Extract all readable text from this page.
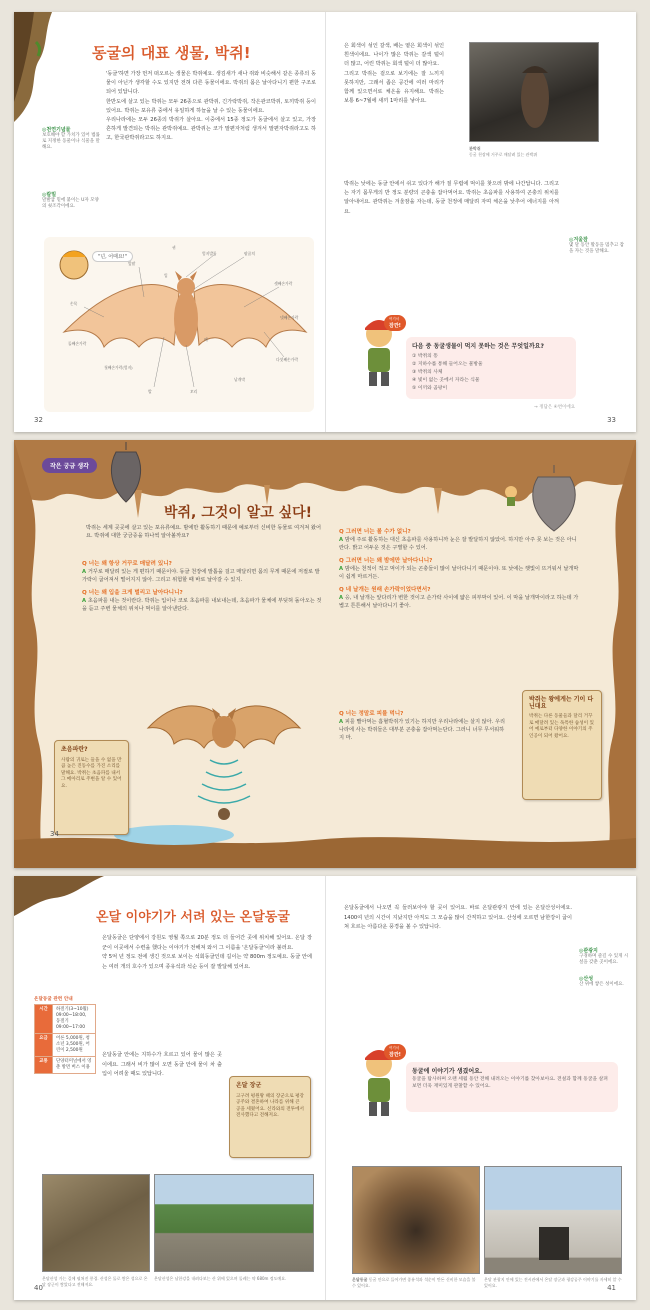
동굴의 대표 생물, 박쥐!

'동굴'하면 가장 먼저 떠오르는 생물은 박쥐예요. 생김새가 새나 쥐와 비슷해서 같은 종류의 동물이 아닌가 생각할 수도 있지만 전혀 다른 동물이에요. 박쥐의 몸은 날아다니기 편한 구조로 되어 있답니다.

한반도에 살고 있는 박쥐는 모두 26종으로 관박쥐, 긴가락박쥐, 작은관코박쥐, 토끼박쥐 등이 있어요. 박쥐는 포유류 중에서 유일하게 하늘을 날 수 있는 동물이에요.

우리나라에는 모두 26종의 박쥐가 살아요. 이중에서 15종 정도가 동굴에서 살고 있고, 가장 흔하게 발견되는 박쥐는 관박쥐예요. 관박쥐는 코가 말편자처럼 생겨서 말편자박쥐라고도 하고, 한국관박쥐라고도 하지요.

◎천연기념물
보호해야 할 가치가 있어 법률로 지정한 동물이나 식물을 말해요.
◎칼밀
말발굽 밑에 붙이는 U자 모양의 쇳조각이에요.
"넌, 어때요!"
엄지발톱	팔꿈치
앞팔
손목
셋째손가락
넷째손가락
다섯째손가락
날개막
꼬리
발
귀
입
배
첫째손가락(엄지)
둘째손가락
32

은 회색이 섞인 갈색, 배는 옅은 회색이 섞인 흰색이에요. 나이가 많은 박쥐는 갈색 털이 더 많고, 어린 박쥐는 회색 털이 더 많아요.

그리고 박쥐는 겉으로 보기에는 잘 느끼지 못하지만, 그래서 좁은 공간에 여러 마리가 함께 있으면서로 체온을 유지해요. 박쥐는 보통 6~7월에 새끼 1마리를 낳아요.

박쥐는 낮에는 동굴 안에서 쉬고 있다가 해가 질 무렵에 먹이를 찾으러 밖에 나간답니다. 그리고는 자기 몸무게의 반 정도 분량의 곤충을 잡아먹어요. 박쥐는 초음파를 사용하여 곤충의 위치를 알아내어요. 관박쥐는 겨울잠을 자는데, 동굴 천정에 매달려 자며 체온을 낮추어 에너지를 아껴요.

관박쥐
동굴 천장에 거꾸로 매달려 있는 관박쥐
◎겨울잠
몇 달 동안 활동을 멈추고 잠을 자는 것을 말해요.
여기서
잠깐!
다음 중 동굴생물이 먹지 못하는 것은 무엇일까요?
① 박쥐의 똥
② 지하수를 통해 들어오는 물방울
③ 박쥐의 사체
④ 빛이 없는 곳에서 자라는 식물
⑤ 이끼와 곰팡이
→ 정답은 ④번이에요
33
작은 궁금 생각
박쥐, 그것이 알고 싶다!
박쥐는 세계 곳곳에 살고 있는 포유류예요. 밤에만 활동하기 때문에 예로부터 신비한 동물로 여겨져 왔어요. 박쥐에 대한 궁금증을 하나씩 알아볼까요?
Q 너는 왜 항상 거꾸로 매달려 있니?
A 거꾸로 매달려 있는 게 편하기 때문이야. 동굴 천장에 발톱을 걸고 매달리면 몸의 무게 때문에 저절로 발가락이 굽어져서 떨어지지 않아. 그리고 위험할 때 바로 날아갈 수 있지.
Q 너는 왜 입을 크게 벌리고 날아다니니?
A 초음파를 내는 것이란다. 박쥐는 입이나 코로 초음파를 내보내는데, 초음파가 물체에 부딪혀 돌아오는 것을 듣고 주변 물체의 위치나 먹이를 알아낸단다.
Q 그러면 너는 볼 수가 없니?
A 밤에 주로 활동하는 대신 초음파를 사용하니까 눈은 잘 발달하지 않았어. 하지만 아주 못 보는 것은 아니란다. 밝고 어두운 것은 구별할 수 있어.
Q 그러면 너는 왜 밤에만 날아다니니?
A 밤에는 천적이 적고 먹이가 되는 곤충들이 많이 날아다니기 때문이야. 또 낮에는 햇빛이 뜨거워서 날개막이 쉽게 마르거든.
Q 네 날개는 원래 손가락이었다면서?
A 응, 내 날개는 앞다리가 변한 것이고 손가락 사이에 얇은 피부막이 있어. 이 막을 날개막이라고 하는데 가볍고 튼튼해서 날아다니기 좋아.
Q 너는 정말로 피를 먹니?
A 피를 빨아먹는 흡혈박쥐가 있기는 하지만 우리나라에는 살지 않아. 우리나라에 사는 박쥐들은 대부분 곤충을 잡아먹는단다. 그러니 너무 무서워하지 마.
초음파란?

사람의 귀로는 들을 수 없을 만큼 높은 진동수를 가진 소리를 말해요. 박쥐는 초음파를 내서 그 메아리로 주변을 알 수 있어요.

박쥐는 왕에게는 기이 다닌대요

박쥐는 다른 동물들과 달리 거꾸로 매달려 있는 독특한 습성이 있어 예로부터 다양한 이야기의 주인공이 되어 왔어요.

34
온달 이야기가 서려 있는 온달동굴

온달동굴은 단양에서 강원도 영월 쪽으로 20분 정도 더 들어간 곳에 위치해 있어요. 온달 장군이 이곳에서 수련을 했다는 이야기가 전해져 와서 그 이름을 '온달동굴'이라 불러요.

약 5억 년 정도 전에 생긴 것으로 보이는 석회동굴인데 길이는 약 800m 정도예요. 동굴 안에는 여러 개의 호수가 있으며 종유석과 석순 등이 잘 발달해 있어요.

온달동굴 안에는 지하수가 흐르고 있어 물이 많은 곳이에요. 그래서 비가 많이 오면 동굴 안에 물이 차 출입이 어려울 때도 있답니다.

온달동굴 관련 안내
시간	하절기(3~10월) 09:00~18:00, 동절기 09:00~17:00
요금	어른 5,000원, 청소년 3,500원, 어린이 2,500원
교통	단양터미널에서 영춘 방면 버스 이용
온달 장군

고구려 평원왕 때의 장군으로 평강공주와 결혼하여 나라를 위해 큰 공을 세웠어요. 신라와의 전투에서 전사했다고 전해져요.

온달산성 가는 길에 펼쳐진 풍경. 산성은 돌로 쌓은 성으로 온달 장군이 쌓았다고 전해져요.
온달산성은 남한강을 내려다보는 산 위에 있으며 둘레는 약 680m 정도예요.
40

온달동굴에서 나오면 꼭 들러보아야 할 곳이 있어요. 바로 온달관광지 안에 있는 온달산성이에요. 1400여 년의 시간이 지났지만 아직도 그 모습을 많이 간직하고 있어요. 산성에 오르면 남한강이 굽이쳐 흐르는 아름다운 풍경을 볼 수 있답니다.

◎관광지
구경하며 즐길 수 있게 시설을 갖춘 곳이에요.
◎산성
산 위에 쌓은 성이에요.
여기서
잠깐!
동굴에 이야기가 생겼어요.
동굴을 탐사하며 오랜 세월 동안 전해 내려오는 이야기를 찾아보아요. 전설과 함께 동굴을 살펴보면 더욱 재미있게 관찰할 수 있어요.
온달동굴 동굴 안으로 들어가면 종유석과 석순이 만든 신비한 모습을 볼 수 있어요.
온달 관광지 안에 있는 전시관에서 온달 장군과 평강공주 이야기를 자세히 알 수 있어요.	41
